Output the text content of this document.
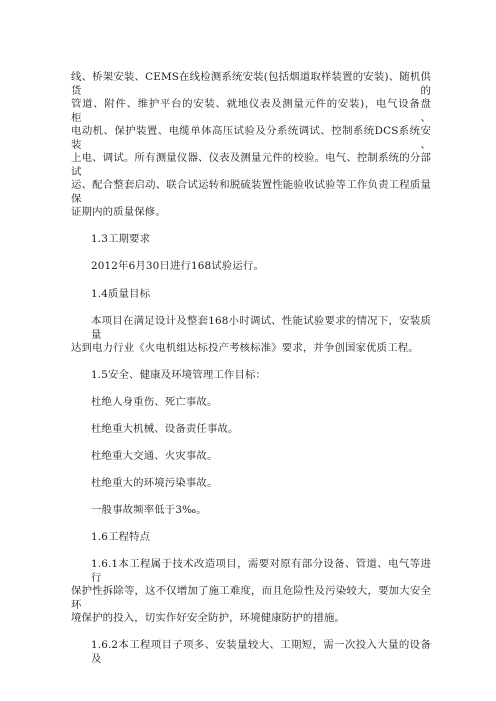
线、桥架安装、CEMS在线检测系统安装(包括烟道取样装置的安装)、随机供货的
管道、附件、维护平台的安装、就地仪表及测量元件的安装)，电气设备盘柜、
电动机、保护装置、电缆单体高压试验及分系统调试、控制系统DCS系统安装、
上电、调试。所有测量仪器、仪表及测量元件的校验。电气、控制系统的分部试
运、配合整套启动、联合试运转和脱硫装置性能验收试验等工作负责工程质量保
证期内的质量保修。
1.3工期要求
2012年6月30日进行168试验运行。
1.4质量目标
本项目在满足设计及整套168小时调试、性能试验要求的情况下，安装质量
达到电力行业《火电机组达标投产考核标准》要求，并争创国家优质工程。
1.5安全、健康及环境管理工作目标：
杜绝人身重伤、死亡事故。
杜绝重大机械、设备责任事故。
杜绝重大交通、火灾事故。
杜绝重大的环境污染事故。
一般事故频率低于3‰。
1.6工程特点
1.6.1本工程属于技术改造项目，需要对原有部分设备、管道、电气等进行
保护性拆除等，这不仅增加了施工难度，而且危险性及污染较大，要加大安全环
境保护的投入，切实作好安全防护，环境健康防护的措施。
1.6.2本工程项目子项多、安装量较大、工期短，需一次投入大量的设备及
